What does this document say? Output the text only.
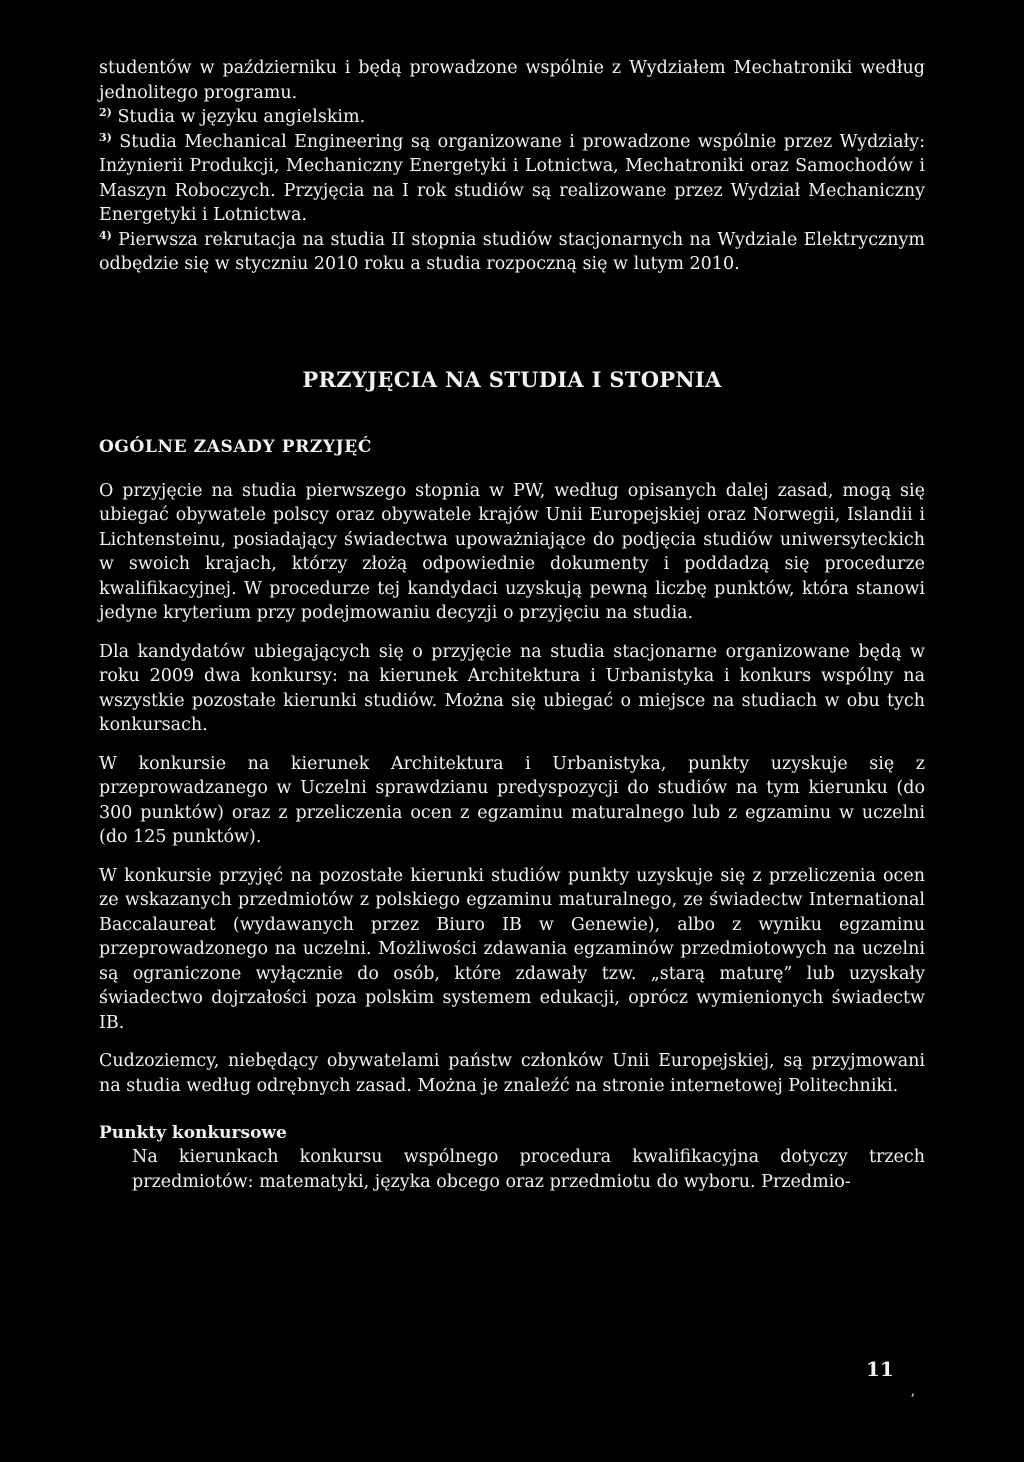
studentów w październiku i będą prowadzone wspólnie z Wydziałem Mechatroniki według jednolitego programu.

$^{2)}$ Studia w języku angielskim.

$^{3)}$ Studia Mechanical Engineering są organizowane i prowadzone wspólnie przez Wydziały: Inżynierii Produkcji, Mechaniczny Energetyki i Lotnictwa, Mechatroniki oraz Samochodów i Maszyn Roboczych. Przyjęcia na I rok studiów są realizowane przez Wydział Mechaniczny Energetyki i Lotnictwa.

$^{4)}$ Pierwsza rekrutacja na studia II stopnia studiów stacjonarnych na Wydziale Elektrycznym odbędzie się w styczniu 2010 roku a studia rozpoczną się w lutym 2010.

PRZYJĘCIA NA STUDIA I STOPNIA
OGÓLNE ZASADY PRZYJĘĆ

O przyjęcie na studia pierwszego stopnia w PW, według opisanych dalej zasad, mogą się ubiegać obywatele polscy oraz obywatele krajów Unii Europejskiej oraz Norwegii, Islandii i Lichtensteinu, posiadający świadectwa upoważniające do podjęcia studiów uniwersyteckich w swoich krajach, którzy złożą odpowiednie dokumenty i poddadzą się procedurze kwalifikacyjnej. W procedurze tej kandydaci uzyskują pewną liczbę punktów, która stanowi jedyne kryterium przy podejmowaniu decyzji o przyjęciu na studia.

Dla kandydatów ubiegających się o przyjęcie na studia stacjonarne organizowane będą w roku 2009 dwa konkursy: na kierunek Architektura i Urbanistyka i konkurs wspólny na wszystkie pozostałe kierunki studiów. Można się ubiegać o miejsce na studiach w obu tych konkursach.

W konkursie na kierunek Architektura i Urbanistyka, punkty uzyskuje się z przeprowadzanego w Uczelni sprawdzianu predyspozycji do studiów na tym kierunku (do 300 punktów) oraz z przeliczenia ocen z egzaminu maturalnego lub z egzaminu w uczelni (do 125 punktów).

W konkursie przyjęć na pozostałe kierunki studiów punkty uzyskuje się z przeliczenia ocen ze wskazanych przedmiotów z polskiego egzaminu maturalnego, ze świadectw International Baccalaureat (wydawanych przez Biuro IB w Genewie), albo z wyniku egzaminu przeprowadzonego na uczelni. Możliwości zdawania egzaminów przedmiotowych na uczelni są ograniczone wyłącznie do osób, które zdawały tzw. „starą maturę” lub uzyskały świadectwo dojrzałości poza polskim systemem edukacji, oprócz wymienionych świadectw IB.

Cudzoziemcy, niebędący obywatelami państw członków Unii Europejskiej, są przyjmowani na studia według odrębnych zasad. Można je znaleźć na stronie internetowej Politechniki.

Punkty konkursowe

Na kierunkach konkursu wspólnego procedura kwalifikacyjna dotyczy trzech przedmiotów: matematyki, języka obcego oraz przedmiotu do wyboru. Przedmio-

11
ʼ
